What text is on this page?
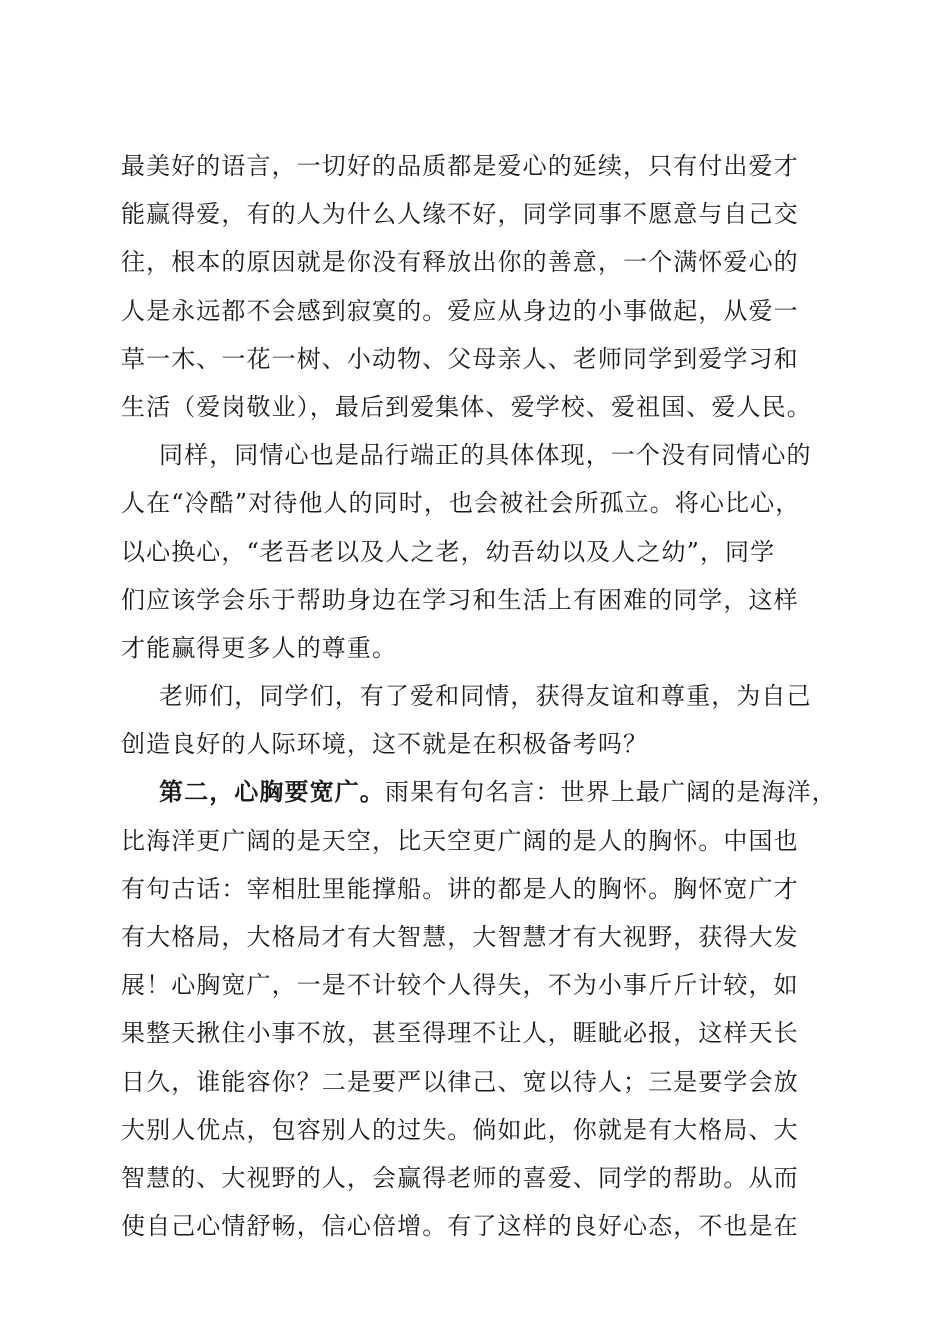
最美好的语言，一切好的品质都是爱心的延续，只有付出爱才
能赢得爱，有的人为什么人缘不好，同学同事不愿意与自己交
往，根本的原因就是你没有释放出你的善意，一个满怀爱心的
人是永远都不会感到寂寞的。爱应从身边的小事做起，从爱一
草一木、一花一树、小动物、父母亲人、老师同学到爱学习和
生活（爱岗敬业），最后到爱集体、爱学校、爱祖国、爱人民。
同样，同情心也是品行端正的具体体现，一个没有同情心的
人在“冷酷”对待他人的同时，也会被社会所孤立。将心比心，
以心换心，“老吾老以及人之老，幼吾幼以及人之幼”，同学
们应该学会乐于帮助身边在学习和生活上有困难的同学，这样
才能赢得更多人的尊重。
老师们，同学们，有了爱和同情，获得友谊和尊重，为自己
创造良好的人际环境，这不就是在积极备考吗？
第二，心胸要宽广。雨果有句名言：世界上最广阔的是海洋，
比海洋更广阔的是天空，比天空更广阔的是人的胸怀。中国也
有句古话：宰相肚里能撑船。讲的都是人的胸怀。胸怀宽广才
有大格局，大格局才有大智慧，大智慧才有大视野，获得大发
展！心胸宽广，一是不计较个人得失，不为小事斤斤计较，如
果整天揪住小事不放，甚至得理不让人，睚眦必报，这样天长
日久，谁能容你？二是要严以律己、宽以待人；三是要学会放
大别人优点，包容别人的过失。倘如此，你就是有大格局、大
智慧的、大视野的人，会赢得老师的喜爱、同学的帮助。从而
使自己心情舒畅，信心倍增。有了这样的良好心态，不也是在
